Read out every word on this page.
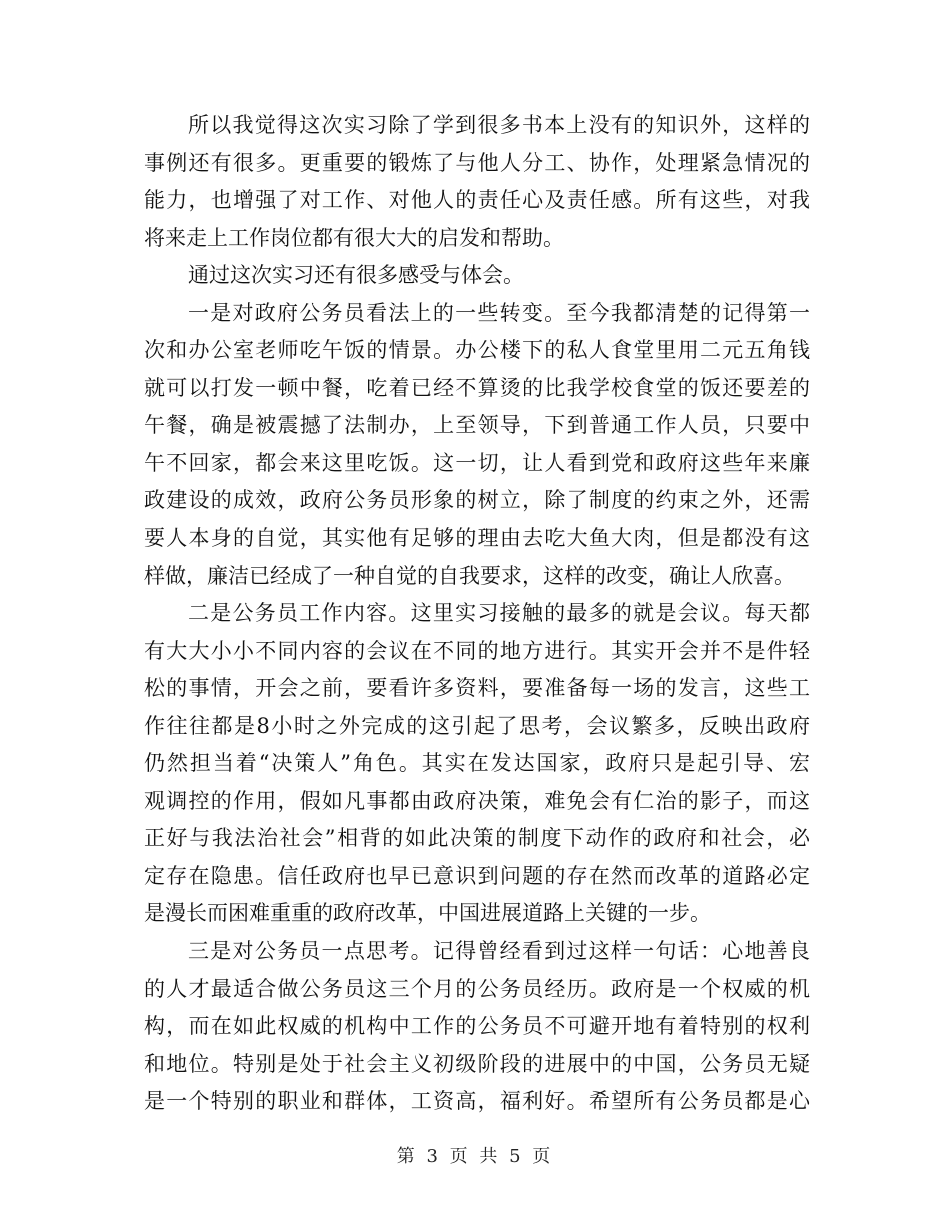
所以我觉得这次实习除了学到很多书本上没有的知识外，这样的
事例还有很多。更重要的锻炼了与他人分工、协作，处理紧急情况的
能力，也增强了对工作、对他人的责任心及责任感。所有这些，对我
将来走上工作岗位都有很大大的启发和帮助。
通过这次实习还有很多感受与体会。
一是对政府公务员看法上的一些转变。至今我都清楚的记得第一
次和办公室老师吃午饭的情景。办公楼下的私人食堂里用二元五角钱
就可以打发一顿中餐，吃着已经不算烫的比我学校食堂的饭还要差的
午餐，确是被震撼了法制办，上至领导，下到普通工作人员，只要中
午不回家，都会来这里吃饭。这一切，让人看到党和政府这些年来廉
政建设的成效，政府公务员形象的树立，除了制度的约束之外，还需
要人本身的自觉，其实他有足够的理由去吃大鱼大肉，但是都没有这
样做，廉洁已经成了一种自觉的自我要求，这样的改变，确让人欣喜。
二是公务员工作内容。这里实习接触的最多的就是会议。每天都
有大大小小不同内容的会议在不同的地方进行。其实开会并不是件轻
松的事情，开会之前，要看许多资料，要准备每一场的发言，这些工
作往往都是8小时之外完成的这引起了思考，会议繁多，反映出政府
仍然担当着“决策人”角色。其实在发达国家，政府只是起引导、宏
观调控的作用，假如凡事都由政府决策，难免会有仁治的影子，而这
正好与我法治社会”相背的如此决策的制度下动作的政府和社会，必
定存在隐患。信任政府也早已意识到问题的存在然而改革的道路必定
是漫长而困难重重的政府改革，中国进展道路上关键的一步。
三是对公务员一点思考。记得曾经看到过这样一句话：心地善良
的人才最适合做公务员这三个月的公务员经历。政府是一个权威的机
构，而在如此权威的机构中工作的公务员不可避开地有着特别的权利
和地位。特别是处于社会主义初级阶段的进展中的中国，公务员无疑
是一个特别的职业和群体，工资高，福利好。希望所有公务员都是心
第 3 页 共 5 页
